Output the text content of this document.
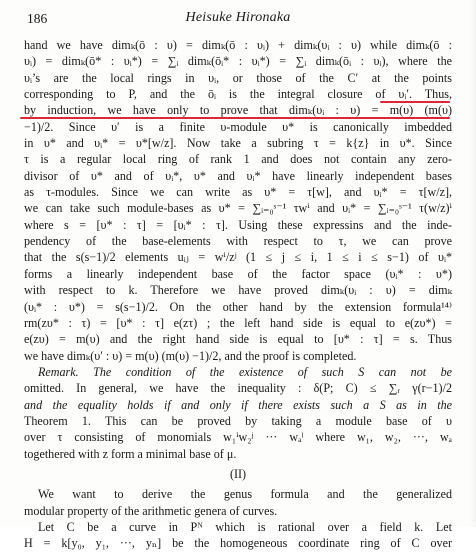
186	Heisuke Hironaka
hand we have dimₖ(ō : υ) = dimₖ(ō : υᵢ) + dimₖ(υᵢ : υ) while dimₖ(ō :
υᵢ) = dimₖ(ō* : υᵢ*) = ∑ᵢ dimₖ(ōᵢ* : υᵢ*) = ∑ᵢ dimₖ(ōᵢ : υᵢ), where the
υᵢ’s are the local rings in υᵢ, or those of the C′ at the points
corresponding to P, and the ōᵢ is the integral closure of υᵢ′. Thus,
by induction, we have only to prove that dimₖ(υᵢ : υ) = m(υ) (m(υ)
−1)/2. Since υ′ is a finite υ-module υ* is canonically imbedded
in υ* and υᵢ* = υ*[w/z]. Now take a subring τ = k{z} in υ*. Since
τ is a regular local ring of rank 1 and does not contain any zero-
divisor of υ* and of υᵢ*, υ* and υᵢ* have linearly independent bases
as τ-modules. Since we can write as υ* = τ[w], and υᵢ* = τ[w/z],
we can take such module-bases as υ* = ∑ᵢ₌₀ˢ⁻¹ τwⁱ and υᵢ* = ∑ᵢ₌₀ˢ⁻¹ τ(w/z)ⁱ
where s = [υ* : τ] = [υᵢ* : τ]. Using these expressins and the inde-
pendency of the base-elements with respect to τ, we can prove
that the s(s−1)/2 elements uᵢⱼ = wⁱ/zʲ (1 ≤ j ≤ i, 1 ≤ i ≤ s−1) of υᵢ*
forms a linearly independent base of the factor space (υᵢ* : υ*)
with respect to k. Therefore we have proved dimₖ(υᵢ : υ) = dimₖ
(υᵢ* : υ*) = s(s−1)/2. On the other hand by the extension formula¹⁴⁾
rm(zυ* : τ) = [υ* : τ] e(zτ) ; the left hand side is equal to e(zυ*) =
e(zυ) = m(υ) and the right hand side is equal to [υ* : τ] = s. Thus
we have dimₖ(υ′ : υ) = m(υ) (m(υ) −1)/2, and the proof is completed.
Remark. The condition of the existence of such S can not be
omitted. In general, we have the inequality : δ(P; C) ≤ ∑ᵣ γ(r−1)/2
and the equality holds if and only if there exists such a S as in the
Theorem 1. This can be proved by taking a module base of υ
over τ consisting of monomials w₁ⁱw₂ʲ ··· wₐˡ where w₁, w₂, ···, wₐ
togethered with z form a minimal base of μ.
(II)
We want to derive the genus formula and the generalized
modular property of the arithmetic genera of curves.
Let C be a curve in Pᴺ which is rational over a field k. Let
H = k[y₀, y₁, ···, yₙ] be the homogeneous coordinate ring of C over
